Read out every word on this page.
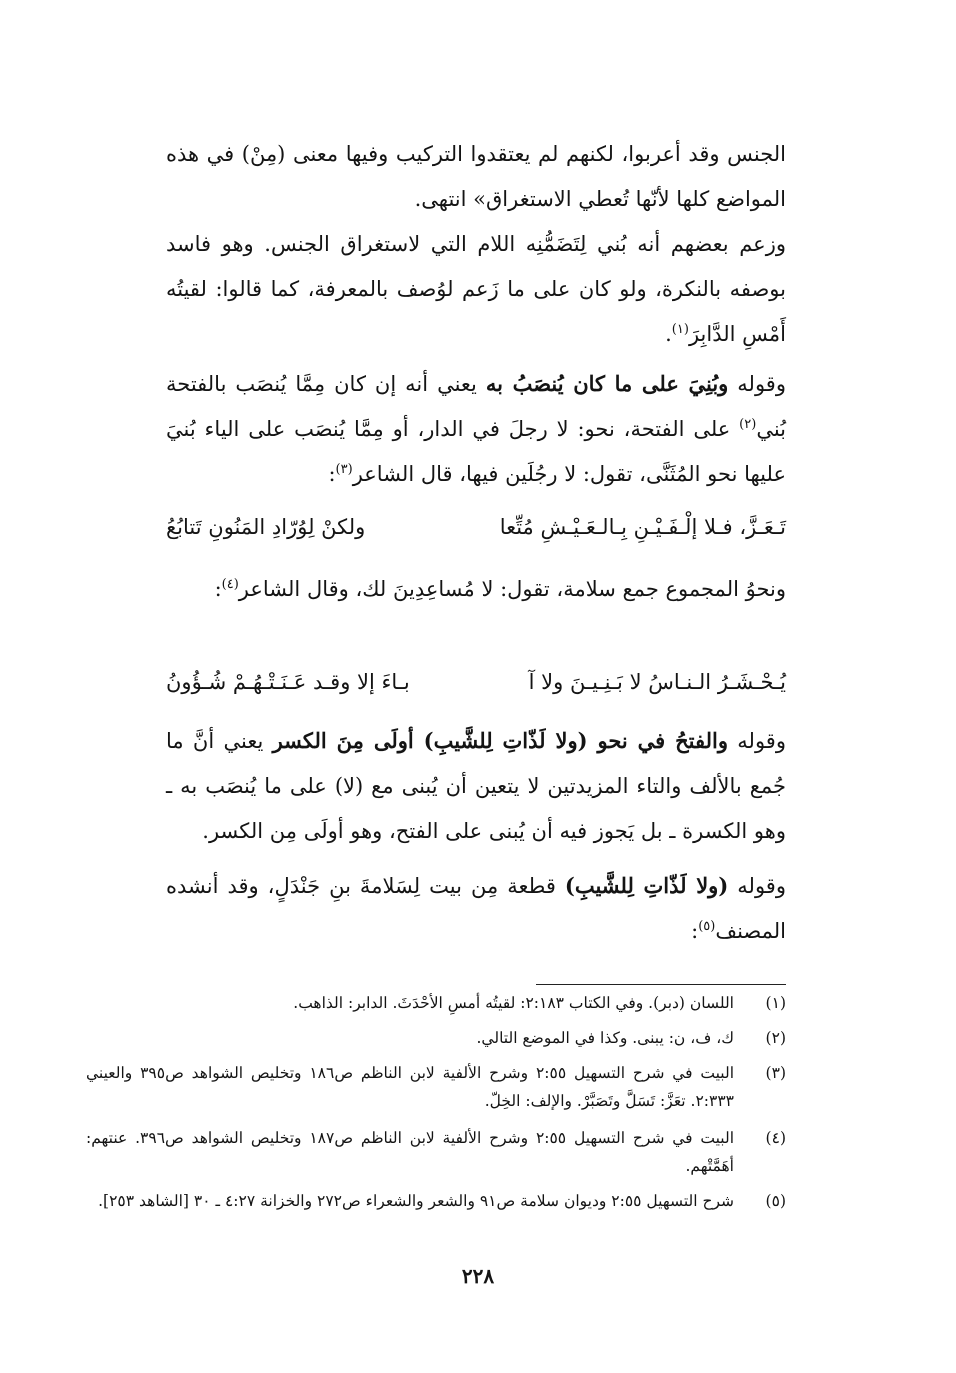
الجنس وقد أعربوا، لكنهم لم يعتقدوا التركيب وفيها معنى (مِنْ) في هذه المواضع كلها لأنّها تُعطي الاستغراق» انتهى.

وزعم بعضهم أنه بُني لِتَضَمُّنِه اللام التي لاستغراق الجنس. وهو فاسد بوصفه بالنكرة، ولو كان على ما زَعم لوُصف بالمعرفة، كما قالوا: لقيتُه أَمْسِ الدَّابِرَ$^{(١)}$.

وقوله وبُنِيَ على ما كان يُنصَبُ به يعني أنه إن كان مِمَّا يُنصَب بالفتحة بُني$^{(٢)}$ على الفتحة، نحو: لا رجلَ في الدار، أو مِمَّا يُنصَب على الياء بُنيَ عليها نحو المُثَنَّى، تقول: لا رجُلَين فيها، قال الشاعر$^{(٣)}$:

تَـعَـزَّ، فـلا إلْـفَـيْـنِ بِـالـعَـيْـشِ مُتِّعا
ولكنْ لِوُرّادِ المَنُونِ تَتابُعُ

ونحوُ المجموع جمع سلامة، تقول: لا مُساعِدِينَ لك، وقال الشاعر$^{(٤)}$:

يُـحْـشَـرُ الـنـاسُ لا بَـنِـيـنَ ولا آ
بـاءَ إلا وقـد عَـنَـتْـهُـمْ شُـؤُونُ

وقوله والفتحُ في نحو (ولا لَذّاتِ لِلشَّيبِ) أولَى مِنَ الكسر يعني أنَّ ما جُمع بالألف والتاء المزيدتين لا يتعين أن يُبنى مع (لا) على ما يُنصَب به ـ وهو الكسرة ـ بل يَجوز فيه أن يُبنى على الفتح، وهو أولَى مِن الكسر.

وقوله (ولا لَذّاتِ لِلشَّيبِ) قطعة مِن بيت لِسَلامةَ بنِ جَنْدَلٍ، وقد أنشده المصنف$^{(٥)}$:

(١)
اللسان (دبر). وفي الكتاب ٢:١٨٣: لقيتُه أمسِ الأحْدَثَ. الدابر: الذاهب.
(٢)
ك، ف، ن: يبنى. وكذا في الموضع التالي.
(٣)
البيت في شرح التسهيل ٢:٥٥ وشرح الألفية لابن الناظم ص١٨٦ وتخليص الشواهد ص٣٩٥ والعيني ٢:٣٣٣. تعَزَّ: تَسَلَّ وتَصَبَّرْ. والإلف: الخِلّ.
(٤)
البيت في شرح التسهيل ٢:٥٥ وشرح الألفية لابن الناظم ص١٨٧ وتخليص الشواهد ص٣٩٦. عنتهم: أهَمَّتْهم.
(٥)
شرح التسهيل ٢:٥٥ وديوان سلامة ص٩١ والشعر والشعراء ص٢٧٢ والخزانة ٤:٢٧ ـ ٣٠ [الشاهد ٢٥٣].
٢٢٨
